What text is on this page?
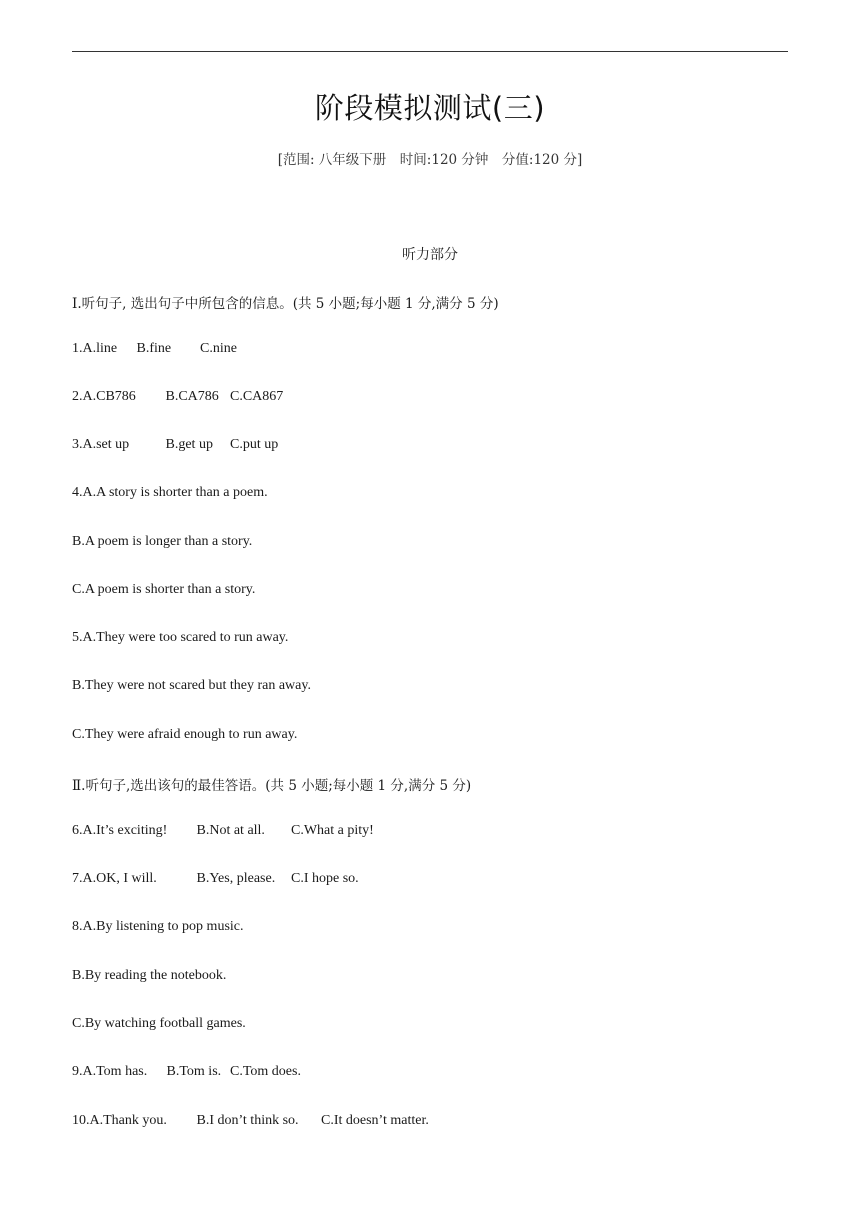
阶段模拟测试(三)
[范围: 八年级下册　时间:120 分钟　分值:120 分]
听力部分
Ⅰ.听句子, 选出句子中所包含的信息。(共 5 小题;每小题 1 分,满分 5 分)
1.A.line B.fine C.nine
2.A.CB786 B.CA786 C.CA867
3.A.set up	B.get up C.put up
4.A.A story is shorter than a poem.
B.A poem is longer than a story.
C.A poem is shorter than a story.
5.A.They were too scared to run away.
B.They were not scared but they ran away.
C.They were afraid enough to run away.
Ⅱ.听句子,选出该句的最佳答语。(共 5 小题;每小题 1 分,满分 5 分)
6.A.It’s exciting! B.Not at all. C.What a pity!
7.A.OK, I will.	B.Yes, please. C.I hope so.
8.A.By listening to pop music.
B.By reading the notebook.
C.By watching football games.
9.A.Tom has. B.Tom is. C.Tom does.
10.A.Thank you. B.I don’t think so. C.It doesn’t matter.
